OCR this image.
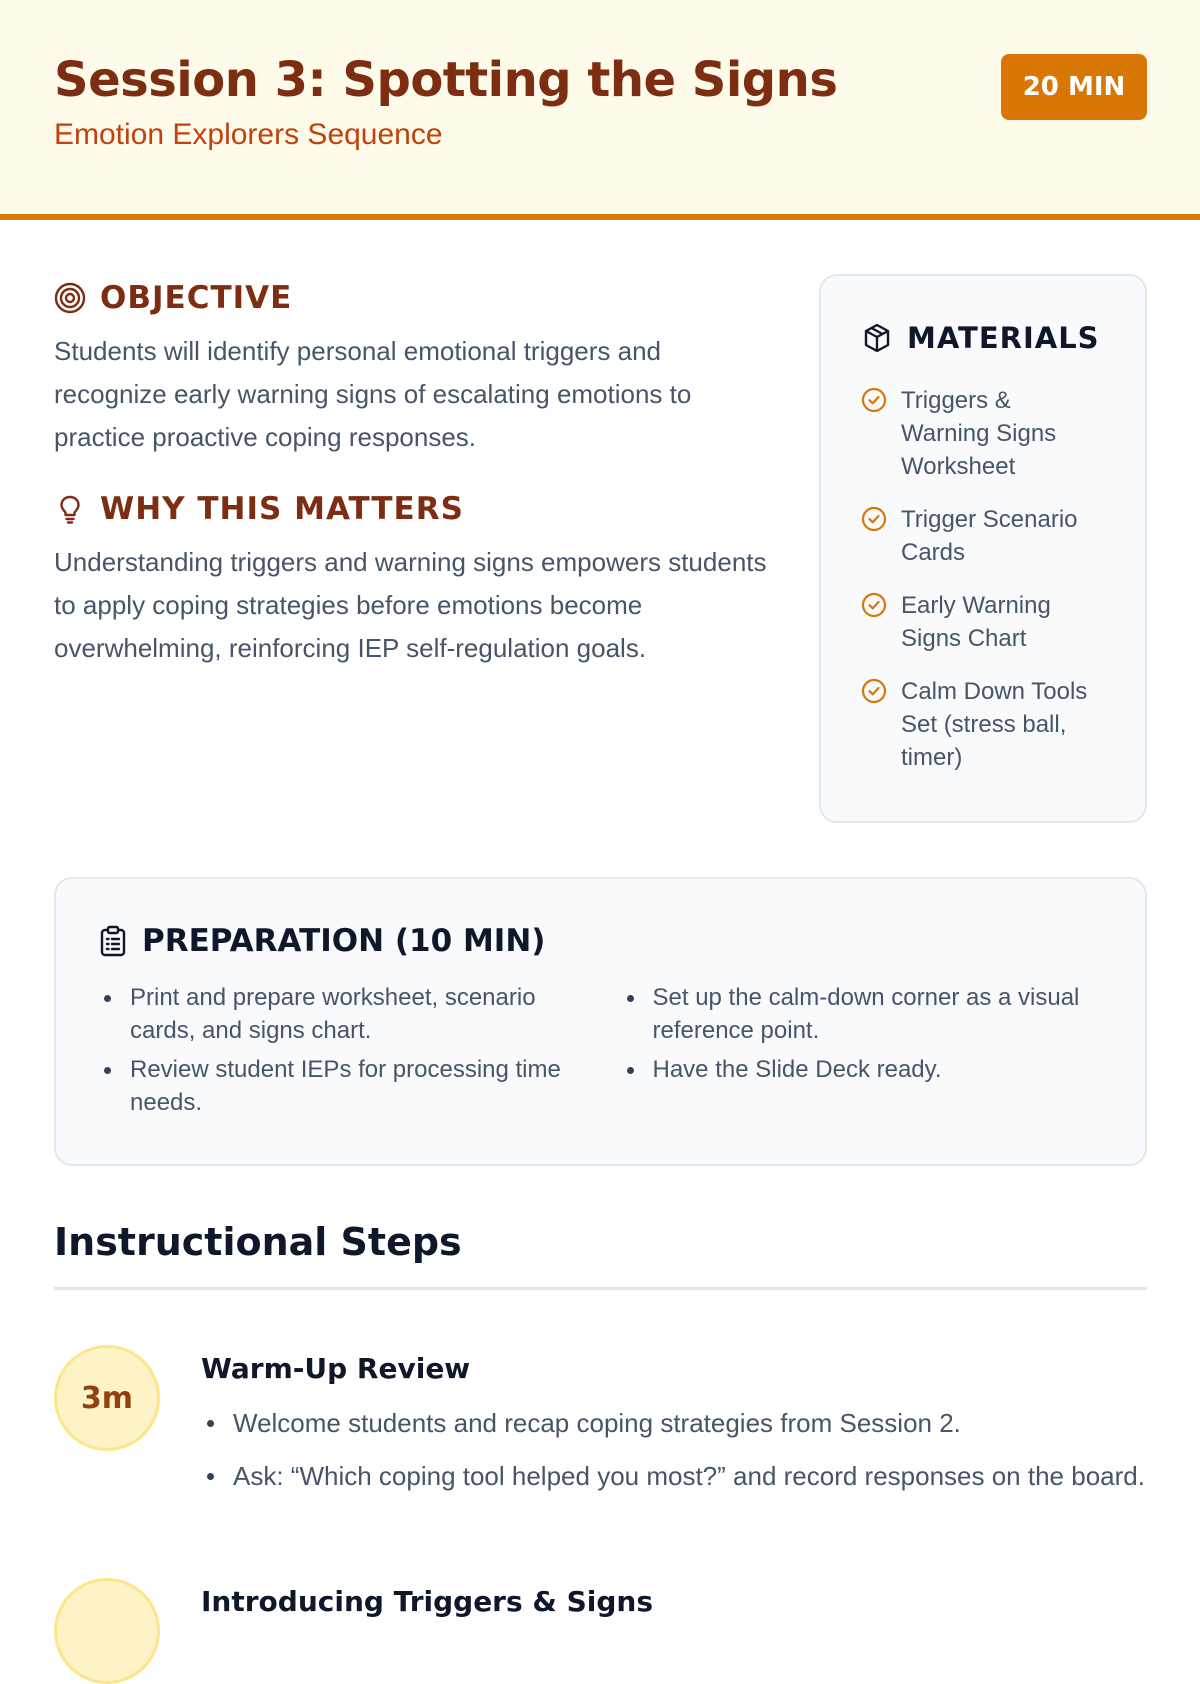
Session 3: Spotting the Signs
Emotion Explorers Sequence
20 MIN
OBJECTIVE

Students will identify personal emotional triggers and recognize early warning signs of escalating emotions to practice proactive coping responses.

WHY THIS MATTERS

Understanding triggers and warning signs empowers students to apply coping strategies before emotions become overwhelming, reinforcing IEP self-regulation goals.

MATERIALS
Triggers & Warning Signs Worksheet
Trigger Scenario Cards
Early Warning Signs Chart
Calm Down Tools Set (stress ball, timer)
PREPARATION (10 MIN)
Print and prepare worksheet, scenario cards, and signs chart.
Review student IEPs for processing time needs.
Set up the calm-down corner as a visual reference point.
Have the Slide Deck ready.
Instructional Steps
3m
Warm-Up Review
Welcome students and recap coping strategies from Session 2.
Ask: “Which coping tool helped you most?” and record responses on the board.
Introducing Triggers & Signs
